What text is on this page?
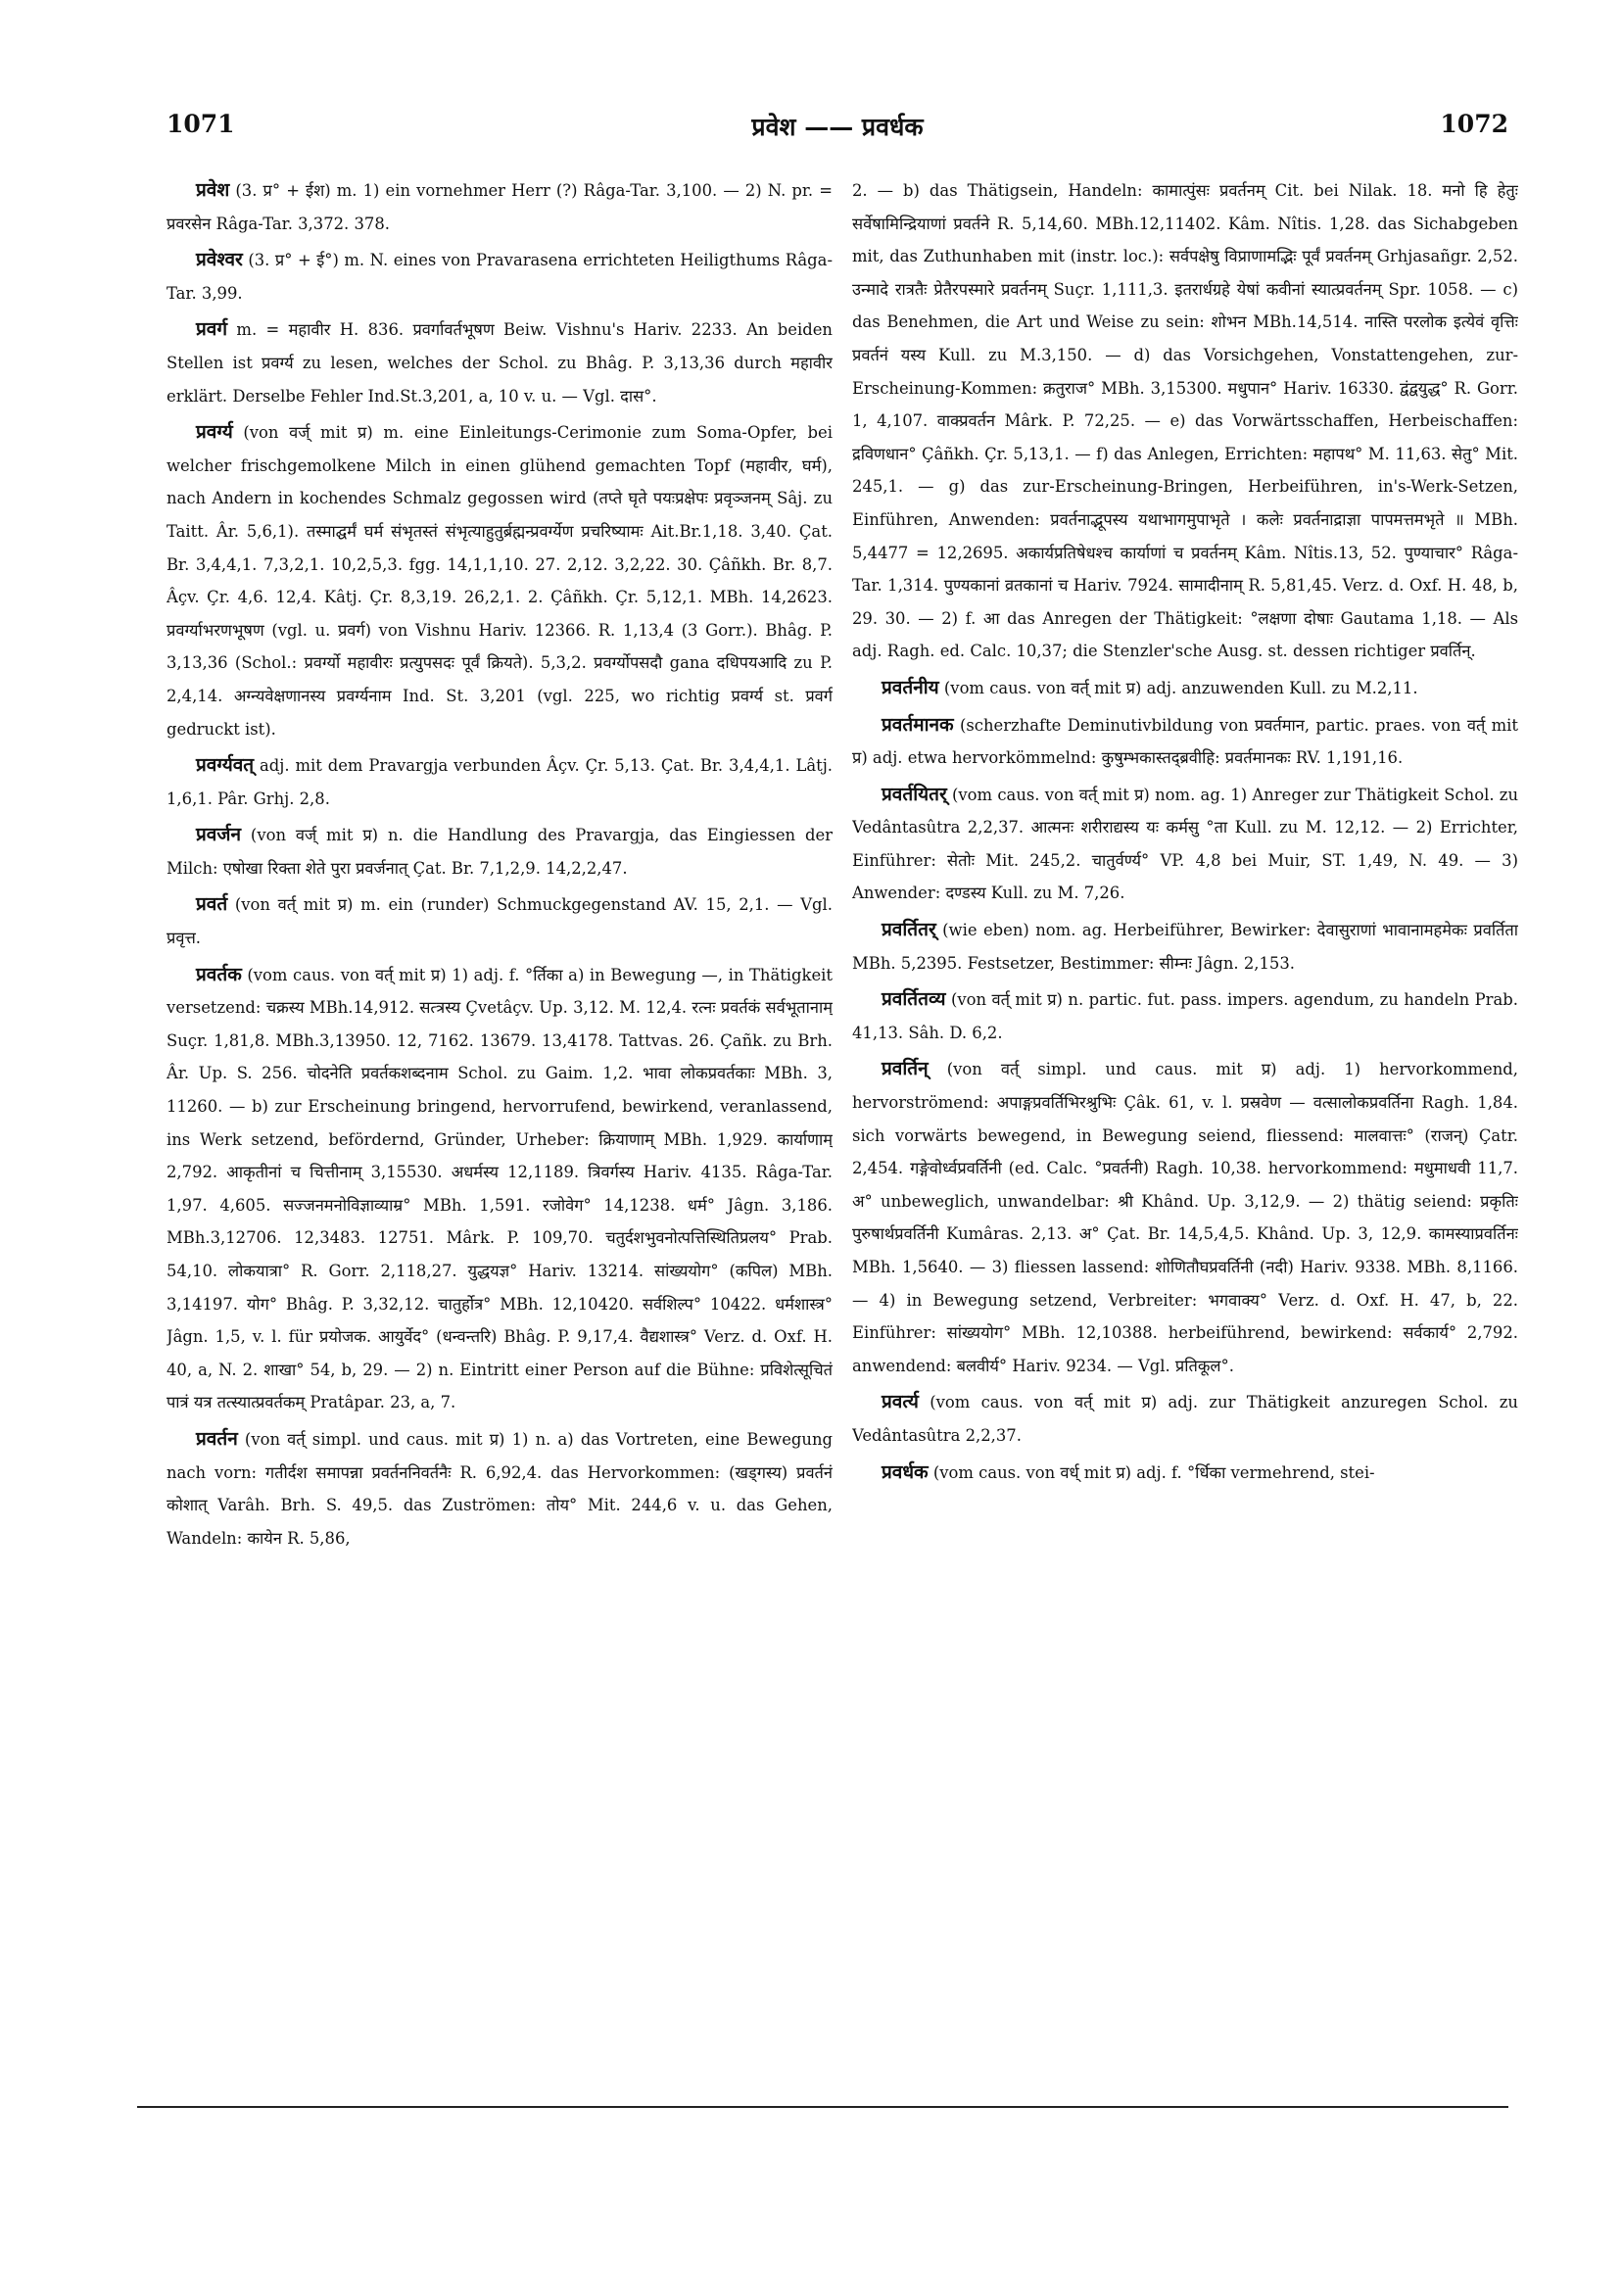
1071	प्रवेश —— प्रवर्धक	1072

प्रवेश (3. प्र° + ईश) m. 1) ein vornehmer Herr (?) Râga-Tar. 3,100. — 2) N. pr. = प्रवरसेन Râga-Tar. 3,372. 378.

प्रवेश्वर (3. प्र° + ई°) m. N. eines von Pravarasena errichteten Heiligthums Râga-Tar. 3,99.

प्रवर्ग m. = महावीर H. 836. प्रवर्गावर्तभूषण Beiw. Vishnu's Hariv. 2233. An beiden Stellen ist प्रवर्ग्य zu lesen, welches der Schol. zu Bhâg. P. 3,13,36 durch महावीर erklärt. Derselbe Fehler Ind.St.3,201, a, 10 v. u. — Vgl. दास°.

प्रवर्ग्य (von वर्ज् mit प्र) m. eine Einleitungs-Cerimonie zum Soma-Opfer, bei welcher frischgemolkene Milch in einen glühend gemachten Topf (महावीर, घर्म), nach Andern in kochendes Schmalz gegossen wird (तप्ते घृते पयःप्रक्षेपः प्रवृञ्जनम् Sâj. zu Taitt. Âr. 5,6,1). तस्माद्घर्मं घर्म संभृतस्तं संभृत्याहुतुर्ब्रह्मन्प्रवर्ग्येण प्रचरिष्यामः Ait.Br.1,18. 3,40. Çat. Br. 3,4,4,1. 7,3,2,1. 10,2,5,3. fgg. 14,1,1,10. 27. 2,12. 3,2,22. 30. Çâñkh. Br. 8,7. Âçv. Çr. 4,6. 12,4. Kâtj. Çr. 8,3,19. 26,2,1. 2. Çâñkh. Çr. 5,12,1. MBh. 14,2623. प्रवर्ग्याभरणभूषण (vgl. u. प्रवर्ग) von Vishnu Hariv. 12366. R. 1,13,4 (3 Gorr.). Bhâg. P. 3,13,36 (Schol.: प्रवर्ग्यो महावीरः प्रत्युपसदः पूर्वं क्रियते). 5,3,2. प्रवर्ग्योपसदौ gana दधिपयआदि zu P. 2,4,14. अग्न्यवेक्षणानस्य प्रवर्ग्यनाम Ind. St. 3,201 (vgl. 225, wo richtig प्रवर्ग्य st. प्रवर्ग gedruckt ist).

प्रवर्ग्यवत् adj. mit dem Pravargja verbunden Âçv. Çr. 5,13. Çat. Br. 3,4,4,1. Lâtj. 1,6,1. Pâr. Grhj. 2,8.

प्रवर्जन (von वर्ज् mit प्र) n. die Handlung des Pravargja, das Eingiessen der Milch: एषोखा रिक्ता शेते पुरा प्रवर्जनात् Çat. Br. 7,1,2,9. 14,2,2,47.

प्रवर्त (von वर्त् mit प्र) m. ein (runder) Schmuckgegenstand AV. 15, 2,1. — Vgl. प्रवृत्त.

प्रवर्तक (vom caus. von वर्त् mit प्र) 1) adj. f. °र्तिका a) in Bewegung —, in Thätigkeit versetzend: चक्रस्य MBh.14,912. सत्त्रस्य Çvetâçv. Up. 3,12. M. 12,4. रत्नः प्रवर्तकं सर्वभूतानाम् Suçr. 1,81,8. MBh.3,13950. 12, 7162. 13679. 13,4178. Tattvas. 26. Çañk. zu Brh. Âr. Up. S. 256. चोदनेति प्रवर्तकशब्दनाम Schol. zu Gaim. 1,2. भावा लोकप्रवर्तकाः MBh. 3, 11260. — b) zur Erscheinung bringend, hervorrufend, bewirkend, veranlassend, ins Werk setzend, befördernd, Gründer, Urheber: क्रियाणाम् MBh. 1,929. कार्याणाम् 2,792. आकृतीनां च चित्तीनाम् 3,15530. अधर्मस्य 12,1189. त्रिवर्गस्य Hariv. 4135. Râga-Tar. 1,97. 4,605. सज्जनमनोविज्ञाव्याम्र° MBh. 1,591. रजोवेग° 14,1238. धर्म° Jâgn. 3,186. MBh.3,12706. 12,3483. 12751. Mârk. P. 109,70. चतुर्दशभुवनोत्पत्तिस्थितिप्रलय° Prab. 54,10. लोकयात्रा° R. Gorr. 2,118,27. युद्धयज्ञ° Hariv. 13214. सांख्ययोग° (कपिल) MBh. 3,14197. योग° Bhâg. P. 3,32,12. चातुर्होत्र° MBh. 12,10420. सर्वशिल्प° 10422. धर्मशास्त्र° Jâgn. 1,5, v. l. für प्रयोजक. आयुर्वेद° (धन्वन्तरि) Bhâg. P. 9,17,4. वैद्यशास्त्र° Verz. d. Oxf. H. 40, a, N. 2. शाखा° 54, b, 29. — 2) n. Eintritt einer Person auf die Bühne: प्रविशेत्सूचितं पात्रं यत्र तत्स्यात्प्रवर्तकम् Pratâpar. 23, a, 7.

प्रवर्तन (von वर्त् simpl. und caus. mit प्र) 1) n. a) das Vortreten, eine Bewegung nach vorn: गतीर्दश समापन्ना प्रवर्तननिवर्तनैः R. 6,92,4. das Hervorkommen: (खड्गस्य) प्रवर्तनं कोशात् Varâh. Brh. S. 49,5. das Zuströmen: तोय° Mit. 244,6 v. u. das Gehen, Wandeln: कायेन R. 5,86,

2. — b) das Thätigsein, Handeln: कामात्पुंसः प्रवर्तनम् Cit. bei Nilak. 18. मनो हि हेतुः सर्वेषामिन्द्रियाणां प्रवर्तने R. 5,14,60. MBh.12,11402. Kâm. Nîtis. 1,28. das Sichabgeben mit, das Zuthunhaben mit (instr. loc.): सर्वपक्षेषु विप्राणामद्भिः पूर्वं प्रवर्तनम् Grhjasañgr. 2,52. उन्मादे रात्रतैः प्रेतैरपस्मारे प्रवर्तनम् Suçr. 1,111,3. इतरार्धग्रहे येषां कवीनां स्यात्प्रवर्तनम् Spr. 1058. — c) das Benehmen, die Art und Weise zu sein: शोभन MBh.14,514. नास्ति परलोक इत्येवं वृत्तिः प्रवर्तनं यस्य Kull. zu M.3,150. — d) das Vorsichgehen, Vonstattengehen, zur-Erscheinung-Kommen: क्रतुराज° MBh. 3,15300. मधुपान° Hariv. 16330. द्वंद्वयुद्ध° R. Gorr. 1, 4,107. वाक्प्रवर्तन Mârk. P. 72,25. — e) das Vorwärtsschaffen, Herbeischaffen: द्रविणधान° Çâñkh. Çr. 5,13,1. — f) das Anlegen, Errichten: महापथ° M. 11,63. सेतु° Mit. 245,1. — g) das zur-Erscheinung-Bringen, Herbeiführen, in's-Werk-Setzen, Einführen, Anwenden: प्रवर्तनाद्भूपस्य यथाभागमुपाभृते । कलेः प्रवर्तनाद्राज्ञा पापमत्तमभृते ॥ MBh. 5,4477 = 12,2695. अकार्यप्रतिषेधश्च कार्याणां च प्रवर्तनम् Kâm. Nîtis.13, 52. पुण्याचार° Râga-Tar. 1,314. पुण्यकानां व्रतकानां च Hariv. 7924. सामादीनाम् R. 5,81,45. Verz. d. Oxf. H. 48, b, 29. 30. — 2) f. आ das Anregen der Thätigkeit: °लक्षणा दोषाः Gautama 1,18. — Als adj. Ragh. ed. Calc. 10,37; die Stenzler'sche Ausg. st. dessen richtiger प्रवर्तिन्.

प्रवर्तनीय (vom caus. von वर्त् mit प्र) adj. anzuwenden Kull. zu M.2,11.

प्रवर्तमानक (scherzhafte Deminutivbildung von प्रवर्तमान, partic. praes. von वर्त् mit प्र) adj. etwa hervorkömmelnd: कुषुम्भकास्तद्ब्रवीहि: प्रवर्तमानकः RV. 1,191,16.

प्रवर्तयितर् (vom caus. von वर्त् mit प्र) nom. ag. 1) Anreger zur Thätigkeit Schol. zu Vedântasûtra 2,2,37. आत्मनः शरीराद्यस्य यः कर्मसु °ता Kull. zu M. 12,12. — 2) Errichter, Einführer: सेतोः Mit. 245,2. चातुर्वर्ण्य° VP. 4,8 bei Muir, ST. 1,49, N. 49. — 3) Anwender: दण्डस्य Kull. zu M. 7,26.

प्रवर्तितर् (wie eben) nom. ag. Herbeiführer, Bewirker: देवासुराणां भावानामहमेकः प्रवर्तिता MBh. 5,2395. Festsetzer, Bestimmer: सीम्नः Jâgn. 2,153.

प्रवर्तितव्य (von वर्त् mit प्र) n. partic. fut. pass. impers. agendum, zu handeln Prab. 41,13. Sâh. D. 6,2.

प्रवर्तिन् (von वर्त् simpl. und caus. mit प्र) adj. 1) hervorkommend, hervorströmend: अपाङ्गप्रवर्तिभिरश्रुभिः Çâk. 61, v. l. प्रस्रवेण — वत्सालोकप्रवर्तिना Ragh. 1,84. sich vorwärts bewegend, in Bewegung seiend, fliessend: मालवात्तः° (राजन्) Çatr. 2,454. गङ्गेवोर्ध्वप्रवर्तिनी (ed. Calc. °प्रवर्तनी) Ragh. 10,38. hervorkommend: मधुमाधवी 11,7. अ° unbeweglich, unwandelbar: श्री Khând. Up. 3,12,9. — 2) thätig seiend: प्रकृतिः पुरुषार्थप्रवर्तिनी Kumâras. 2,13. अ° Çat. Br. 14,5,4,5. Khând. Up. 3, 12,9. कामस्याप्रवर्तिनः MBh. 1,5640. — 3) fliessen lassend: शोणितौघप्रवर्तिनी (नदी) Hariv. 9338. MBh. 8,1166. — 4) in Bewegung setzend, Verbreiter: भगवाक्य° Verz. d. Oxf. H. 47, b, 22. Einführer: सांख्ययोग° MBh. 12,10388. herbeiführend, bewirkend: सर्वकार्य° 2,792. anwendend: बलवीर्य° Hariv. 9234. — Vgl. प्रतिकूल°.

प्रवर्त्य (vom caus. von वर्त् mit प्र) adj. zur Thätigkeit anzuregen Schol. zu Vedântasûtra 2,2,37.

प्रवर्धक (vom caus. von वर्ध् mit प्र) adj. f. °र्धिका vermehrend, stei-
